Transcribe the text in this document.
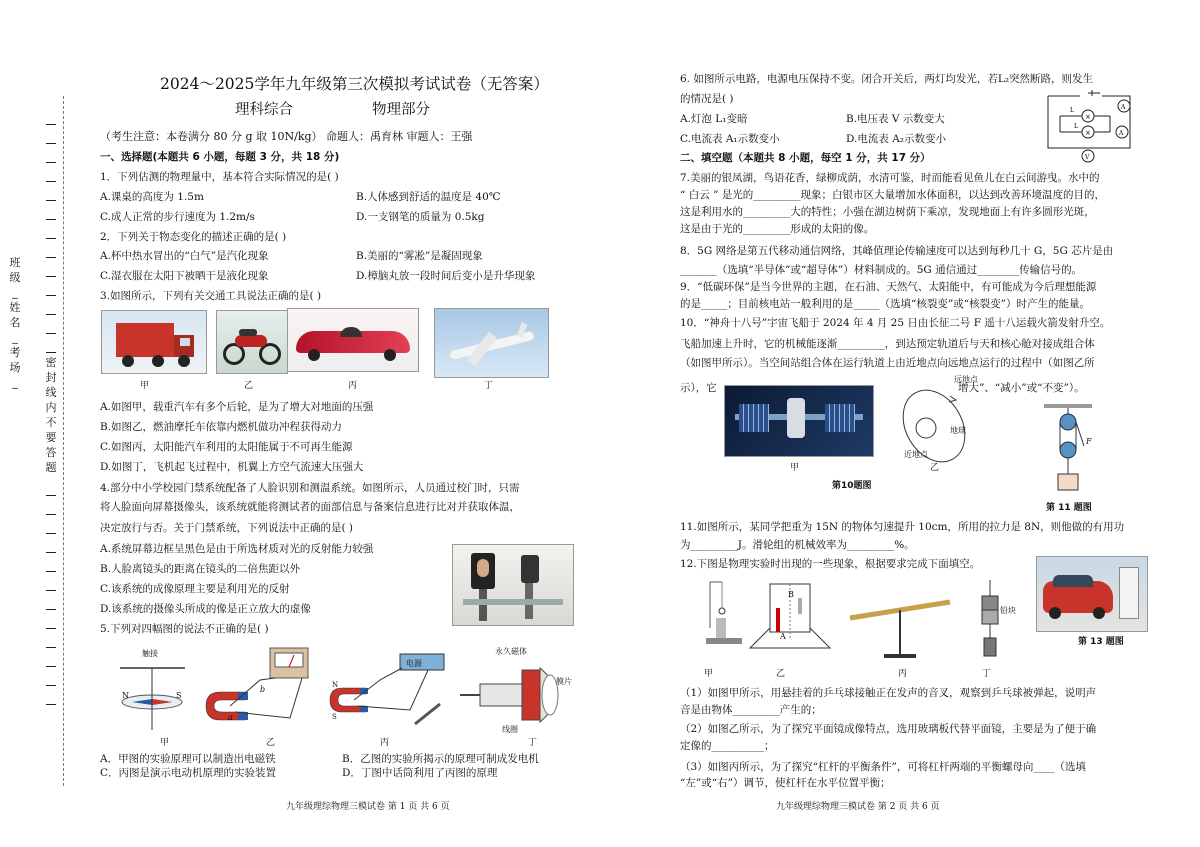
班级_姓名_考场_
密封线内不要答题
2024～2025学年九年级第三次模拟考试试卷（无答案）
理科综合	物理部分
（考生注意：本卷满分 80 分 g 取 10N/kg） 命题人：禹育林 审题人：王强
一、选择题(本题共 6 小题，每题 3 分，共 18 分)
1．下列估测的物理量中，基本符合实际情况的是( )
A.课桌的高度为 1.5m	B.人体感到舒适的温度是 40℃
C.成人正常的步行速度为 1.2m/s	D.一支钢笔的质量为 0.5kg
2．下列关于物态变化的描述正确的是( )
A.杯中热水冒出的“白气”是汽化现象	B.美丽的“雾凇”是凝固现象
C.湿衣服在太阳下被晒干是液化现象	D.樟脑丸放一段时间后变小是升华现象
3.如图所示，下列有关交通工具说法正确的是( )
甲	乙	丙	丁
A.如图甲，载重汽车有多个后轮，是为了增大对地面的压强
B.如图乙，燃油摩托车依靠内燃机做功冲程获得动力
C.如图丙，太阳能汽车利用的太阳能属于不可再生能源
D.如图丁，飞机起飞过程中，机翼上方空气流速大压强大
4.部分中小学校园门禁系统配备了人脸识别和测温系统。如图所示，人员通过校门时，只需
将人脸面向屏幕摄像头，该系统就能将测试者的面部信息与备案信息进行比对并获取体温，
决定放行与否。关于门禁系统，下列说法中正确的是( )
A.系统屏幕边框呈黑色是由于所选材质对光的反射能力较强
B.人脸离镜头的距离在镜头的二倍焦距以外
C.该系统的成像原理主要是利用光的反射
D.该系统的摄像头所成的像是正立放大的虚像
5.下列对四幅图的说法不正确的是( )
触接
N	S
b
a
电源
N
S
永久磁体
膜片
线圈
甲	乙	丙	丁
A．甲图的实验原理可以制造出电磁铁	B．乙图的实验所揭示的原理可制成发电机
C．丙图是演示电动机原理的实验装置	D．丁图中话筒利用了丙图的原理
九年级理综物理三模试卷 第 1 页 共 6 页
6. 如图所示电路，电源电压保持不变。闭合开关后，两灯均发光，若L₂突然断路，则发生
的情况是( )
A.灯泡 L₁变暗	B.电压表 V 示数变大
C.电流表 A₁示数变小	D.电流表 A₂示数变小
A
×
×	A
V
L
L
二、填空题（本题共 8 小题，每空 1 分，共 17 分）
7.美丽的银凤湖，鸟语花香，绿柳成荫，水清可鉴，时而能看见鱼儿在白云间游曳。水中的
“ 白云 ” 是光的_________现象；白银市区大量增加水体面积，以达到改善环境温度的目的，
这是利用水的_________大的特性；小强在湖边树荫下乘凉，发现地面上有许多圆形光斑，
这是由于光的_________形成的太阳的像。
8．5G 网络是第五代移动通信网络，其峰值理论传输速度可以达到每秒几十 G，5G 芯片是由
_______（选填“半导体”或“超导体”）材料制成的。5G 通信通过________传输信号的。
9．“低碳环保”是当今世界的主题，在石油、天然气、太阳能中，有可能成为今后理想能源
的是_____；目前核电站一般利用的是_____（选填“核裂变”或“核裂变”）时产生的能量。
10．“神舟十八号”宇宙飞船于 2024 年 4 月 25 日由长征二号 F 遥十八运载火箭发射升空。
飞船加速上升时，它的机械能逐渐_________，到达预定轨道后与天和核心舱对接成组合体
（如图甲所示）。当空间站组合体在运行轨道上由近地点向远地点运行的过程中（如图乙所
示），它	增大”、“减小”或“不变”）。
远地点
地球
近地点
甲	乙
第10题图
F
第 11 题图
11.如图所示，某同学把重为 15N 的物体匀速提升 10cm，所用的拉力是 8N，则他做的有用功
为_________J。滑轮组的机械效率为_________%。
12.下图是物理实验时出现的一些现象，根据要求完成下面填空。
B
A
铅块
甲	乙	丙	丁
第 13 题图
（1）如图甲所示，用悬挂着的乒乓球接触正在发声的音叉，观察到乒乓球被弹起，说明声
音是由物体_________产生的；
（2）如图乙所示，为了探究平面镜成像特点，选用玻璃板代替平面镜，主要是为了便于确
定像的__________；
（3）如图丙所示，为了探究“杠杆的平衡条件”，可将杠杆两端的平衡螺母向____（选填
“左”或“右”）调节，使杠杆在水平位置平衡；
九年级理综物理三模试卷 第 2 页 共 6 页
